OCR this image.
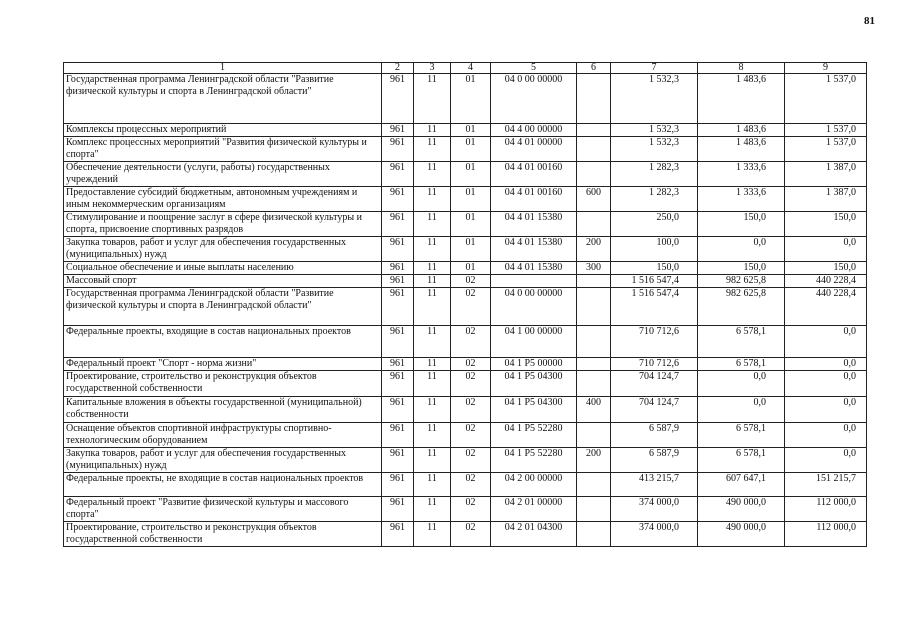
81
1	2	3	4	5	6	7	8	9
Государственная программа Ленинградской области "Развитие физической культуры и спорта в Ленинградской области"	961	11	01	04 0 00 00000		1 532,3	1 483,6	1 537,0
Комплексы процессных мероприятий	961	11	01	04 4 00 00000		1 532,3	1 483,6	1 537,0
Комплекс процессных мероприятий "Развития физической культуры и спорта"	961	11	01	04 4 01 00000		1 532,3	1 483,6	1 537,0
Обеспечение деятельности (услуги, работы) государственных учреждений	961	11	01	04 4 01 00160		1 282,3	1 333,6	1 387,0
Предоставление субсидий бюджетным, автономным учреждениям и иным некоммерческим организациям	961	11	01	04 4 01 00160	600	1 282,3	1 333,6	1 387,0
Стимулирование и поощрение заслуг в сфере физической культуры и спорта, присвоение спортивных разрядов	961	11	01	04 4 01 15380		250,0	150,0	150,0
Закупка товаров, работ и услуг для обеспечения государственных (муниципальных) нужд	961	11	01	04 4 01 15380	200	100,0	0,0	0,0
Социальное обеспечение и иные выплаты населению	961	11	01	04 4 01 15380	300	150,0	150,0	150,0
Массовый спорт	961	11	02			1 516 547,4	982 625,8	440 228,4
Государственная программа Ленинградской области "Развитие физической культуры и спорта в Ленинградской области"	961	11	02	04 0 00 00000		1 516 547,4	982 625,8	440 228,4
Федеральные проекты, входящие в состав национальных проектов	961	11	02	04 1 00 00000		710 712,6	6 578,1	0,0
Федеральный проект "Спорт - норма жизни"	961	11	02	04 1 P5 00000		710 712,6	6 578,1	0,0
Проектирование, строительство и реконструкция объектов государственной собственности	961	11	02	04 1 P5 04300		704 124,7	0,0	0,0
Капитальные вложения в объекты государственной (муниципальной) собственности	961	11	02	04 1 P5 04300	400	704 124,7	0,0	0,0
Оснащение объектов спортивной инфраструктуры спортивно-технологическим оборудованием	961	11	02	04 1 P5 52280		6 587,9	6 578,1	0,0
Закупка товаров, работ и услуг для обеспечения государственных (муниципальных) нужд	961	11	02	04 1 P5 52280	200	6 587,9	6 578,1	0,0
Федеральные проекты, не входящие в состав национальных проектов	961	11	02	04 2 00 00000		413 215,7	607 647,1	151 215,7
Федеральный проект "Развитие физической культуры и массового спорта"	961	11	02	04 2 01 00000		374 000,0	490 000,0	112 000,0
Проектирование, строительство и реконструкция объектов государственной собственности	961	11	02	04 2 01 04300		374 000,0	490 000,0	112 000,0
